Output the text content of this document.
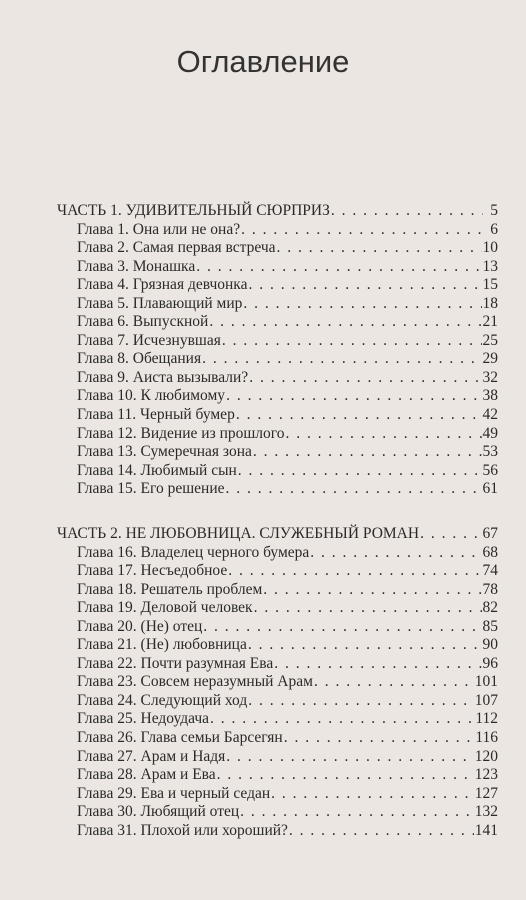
Оглавление
ЧАСТЬ 1. УДИВИТЕЛЬНЫЙ СЮРПРИЗ . . .	5
Глава 1. Она или не она? . . .	6
Глава 2. Самая первая встреча . . .	10
Глава 3. Монашка . . .	13
Глава 4. Грязная девчонка . . .	15
Глава 5. Плавающий мир . . .	18
Глава 6. Выпускной . . .	21
Глава 7. Исчезнувшая . . .	25
Глава 8. Обещания . . .	29
Глава 9. Аиста вызывали? . . .	32
Глава 10. К любимому . . .	38
Глава 11. Черный бумер . . .	42
Глава 12. Видение из прошлого . . .	49
Глава 13. Сумеречная зона . . .	53
Глава 14. Любимый сын . . .	56
Глава 15. Его решение . . .	61
ЧАСТЬ 2. НЕ ЛЮБОВНИЦА. СЛУЖЕБНЫЙ РОМАН . . .	67
Глава 16. Владелец черного бумера . . .	68
Глава 17. Несъедобное . . .	74
Глава 18. Решатель проблем . . .	78
Глава 19. Деловой человек . . .	82
Глава 20. (Не) отец . . .	85
Глава 21. (Не) любовница . . .	90
Глава 22. Почти разумная Ева . . .	96
Глава 23. Совсем неразумный Арам . . .	101
Глава 24. Следующий ход . . .	107
Глава 25. Недоудача . . .	112
Глава 26. Глава семьи Барсегян . . .	116
Глава 27. Арам и Надя . . .	120
Глава 28. Арам и Ева . . .	123
Глава 29. Ева и черный седан . . .	127
Глава 30. Любящий отец . . .	132
Глава 31. Плохой или хороший? . . .	141
